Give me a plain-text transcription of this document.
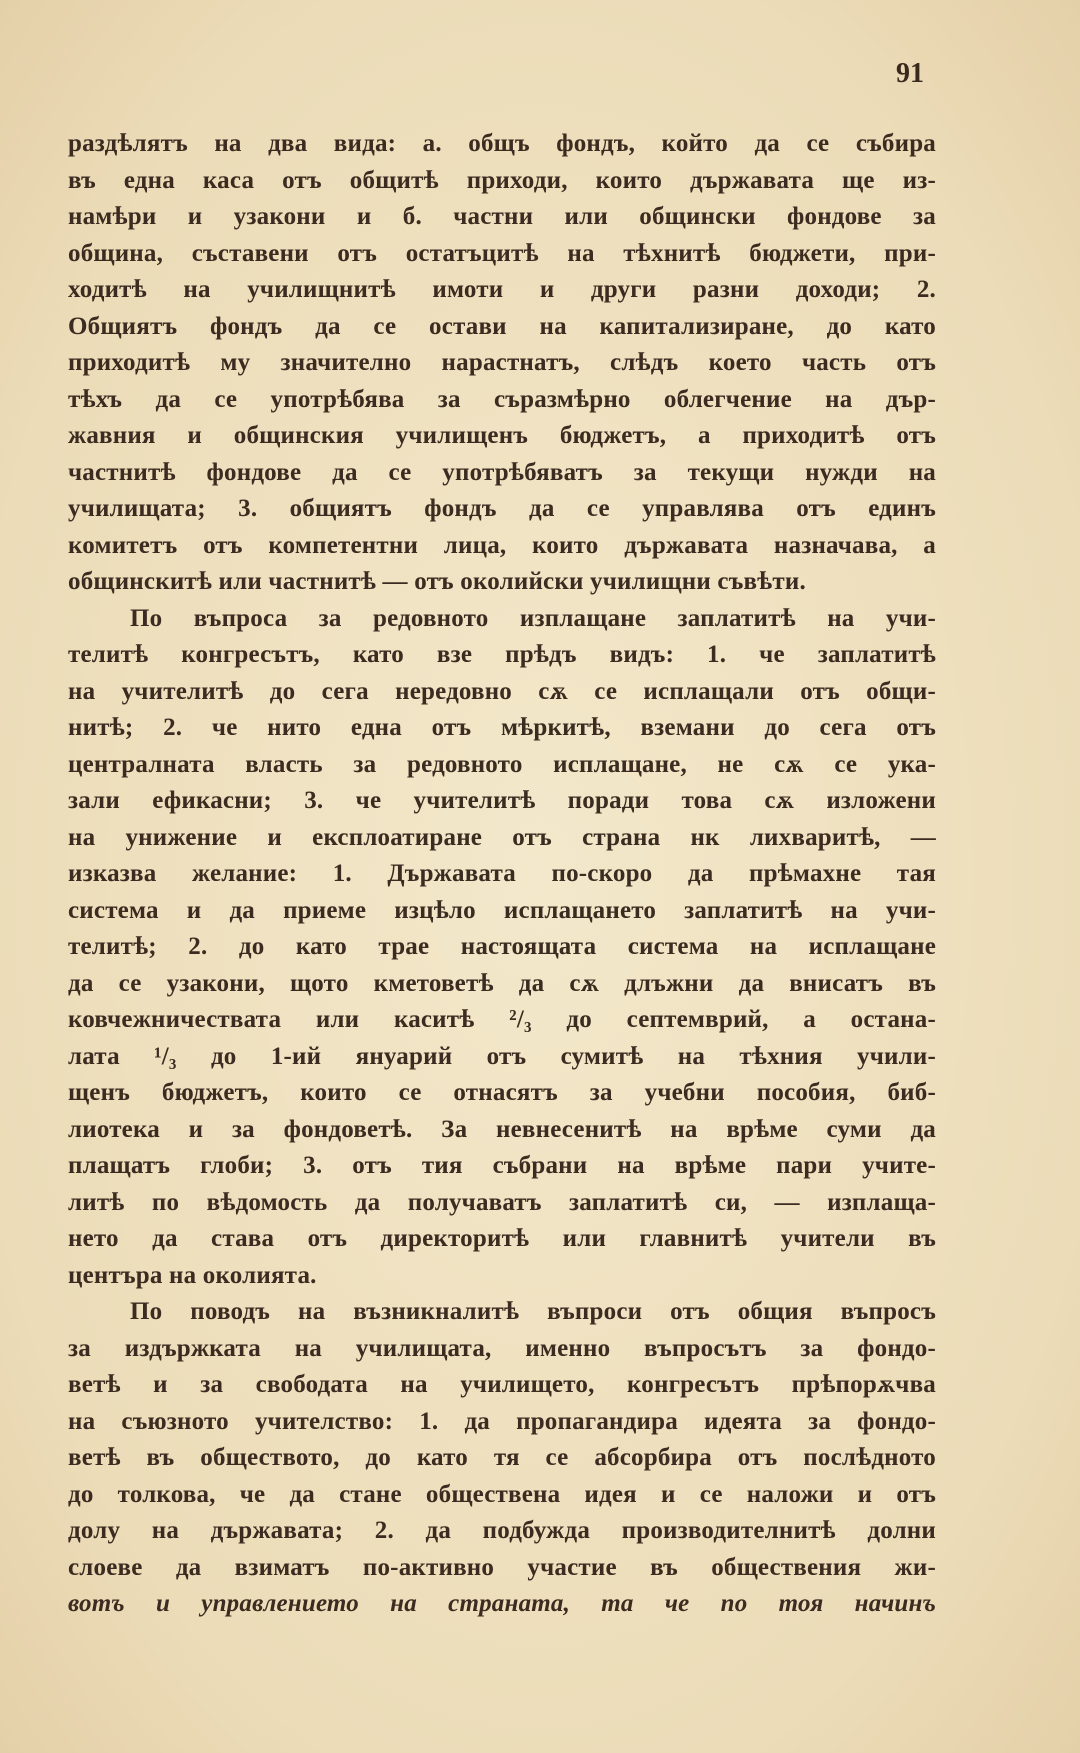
91
раздѣлятъ на два вида: а. общъ фондъ, който да се събира
въ една каса отъ общитѣ приходи, които държавата ще из-
намѣри и узакони и б. частни или общински фондове за
община, съставени отъ остатъцитѣ на тѣхнитѣ бюджети, при-
ходитѣ на училищнитѣ имоти и други разни доходи; 2.
Общиятъ фондъ да се остави на капитализиране, до като
приходитѣ му значително нарастнатъ, слѣдъ което часть отъ
тѣхъ да се употрѣбява за съразмѣрно облегчение на дър-
жавния и общинския училищенъ бюджетъ, а приходитѣ отъ
частнитѣ фондове да се употрѣбяватъ за текущи нужди на
училищата; 3. общиятъ фондъ да се управлява отъ единъ
комитетъ отъ компетентни лица, които държавата назначава, а
общинскитѣ или частнитѣ — отъ околийски училищни съвѣти.
По въпроса за редовното изплащане заплатитѣ на учи-
телитѣ конгресътъ, като взе прѣдъ видъ: 1. че заплатитѣ
на учителитѣ до сега нередовно сѫ се исплащали отъ общи-
нитѣ; 2. че нито една отъ мѣркитѣ, вземани до сега отъ
централната власть за редовното исплащане, не сѫ се ука-
зали ефикасни; 3. че учителитѣ поради това сѫ изложени
на унижение и експлоатиране отъ страна нк лихваритѣ, —
изказва желание: 1. Държавата по-скоро да прѣмахне тая
система и да приеме изцѣло исплащането заплатитѣ на учи-
телитѣ; 2. до като трае настоящата система на исплащане
да се узакони, щото кметоветѣ да сѫ длъжни да внисатъ въ
ковчежничествата или каситѣ ²/₃ до септемврий, а остана-
лата ¹/₃ до 1-ий януарий отъ сумитѣ на тѣхния учили-
щенъ бюджетъ, които се отнасятъ за учебни пособия, биб-
лиотека и за фондоветѣ. За невнесенитѣ на врѣме суми да
плащатъ глоби; 3. отъ тия събрани на врѣме пари учите-
литѣ по вѣдомость да получаватъ заплатитѣ си, — изплаща-
нето да става отъ директоритѣ или главнитѣ учители въ
центъра на околията.
По поводъ на възникналитѣ въпроси отъ общия въпросъ
за издържката на училищата, именно въпросътъ за фондо-
ветѣ и за свободата на училището, конгресътъ прѣпорѫчва
на съюзното учителство: 1. да пропагандира идеята за фондо-
ветѣ въ обществото, до като тя се абсорбира отъ послѣдното
до толкова, че да стане обществена идея и се наложи и отъ
долу на държавата; 2. да подбужда производителнитѣ долни
слоеве да взиматъ по-активно участие въ обществения жи-
вотъ и управлението на страната, та че по тоя начинъ
